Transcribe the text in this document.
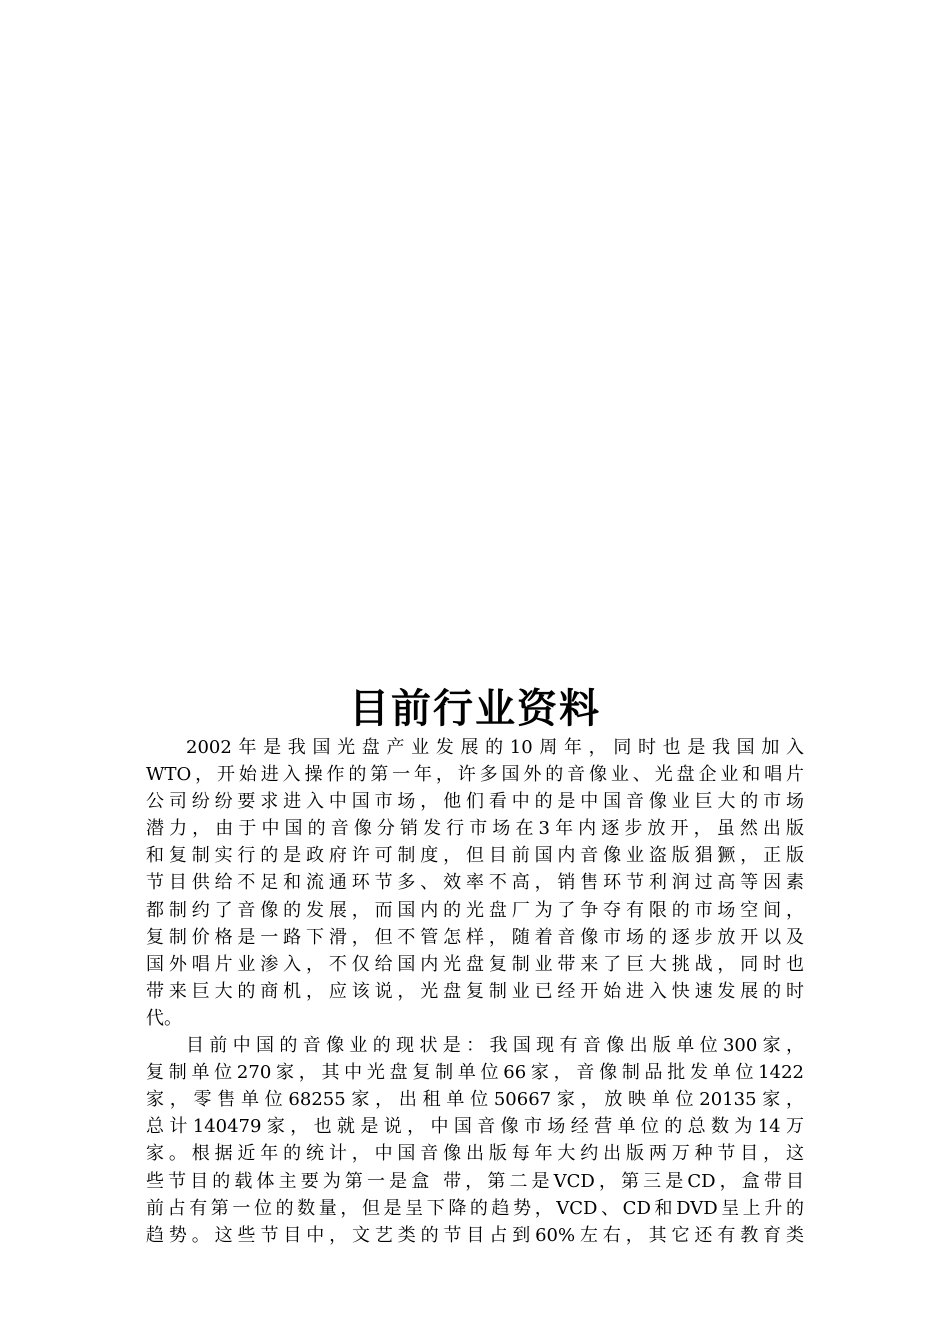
目前行业资料
2002年是我国光盘产业发展的10周年，同时也是我国加入
WTO，开始进入操作的第一年，许多国外的音像业、光盘企业和唱片
公司纷纷要求进入中国市场，他们看中的是中国音像业巨大的市场
潜力，由于中国的音像分销发行市场在3年内逐步放开，虽然出版
和复制实行的是政府许可制度，但目前国内音像业盗版猖獗，正版
节目供给不足和流通环节多、效率不高，销售环节利润过高等因素
都制约了音像的发展，而国内的光盘厂为了争夺有限的市场空间，
复制价格是一路下滑，但不管怎样，随着音像市场的逐步放开以及
国外唱片业渗入，不仅给国内光盘复制业带来了巨大挑战，同时也
带来巨大的商机，应该说，光盘复制业已经开始进入快速发展的时
代。
目前中国的音像业的现状是：我国现有音像出版单位300家，
复制单位270家，其中光盘复制单位66家，音像制品批发单位1422
家，零售单位68255家，出租单位50667家，放映单位20135家，
总计140479家，也就是说，中国音像市场经营单位的总数为14万
家。根据近年的统计，中国音像出版每年大约出版两万种节目，这
些节目的载体主要为第一是盒 带，第二是VCD，第三是CD，盒带目
前占有第一位的数量，但是呈下降的趋势，VCD、CD和DVD呈上升的
趋势。这些节目中，文艺类的节目占到60%左右，其它还有教育类
